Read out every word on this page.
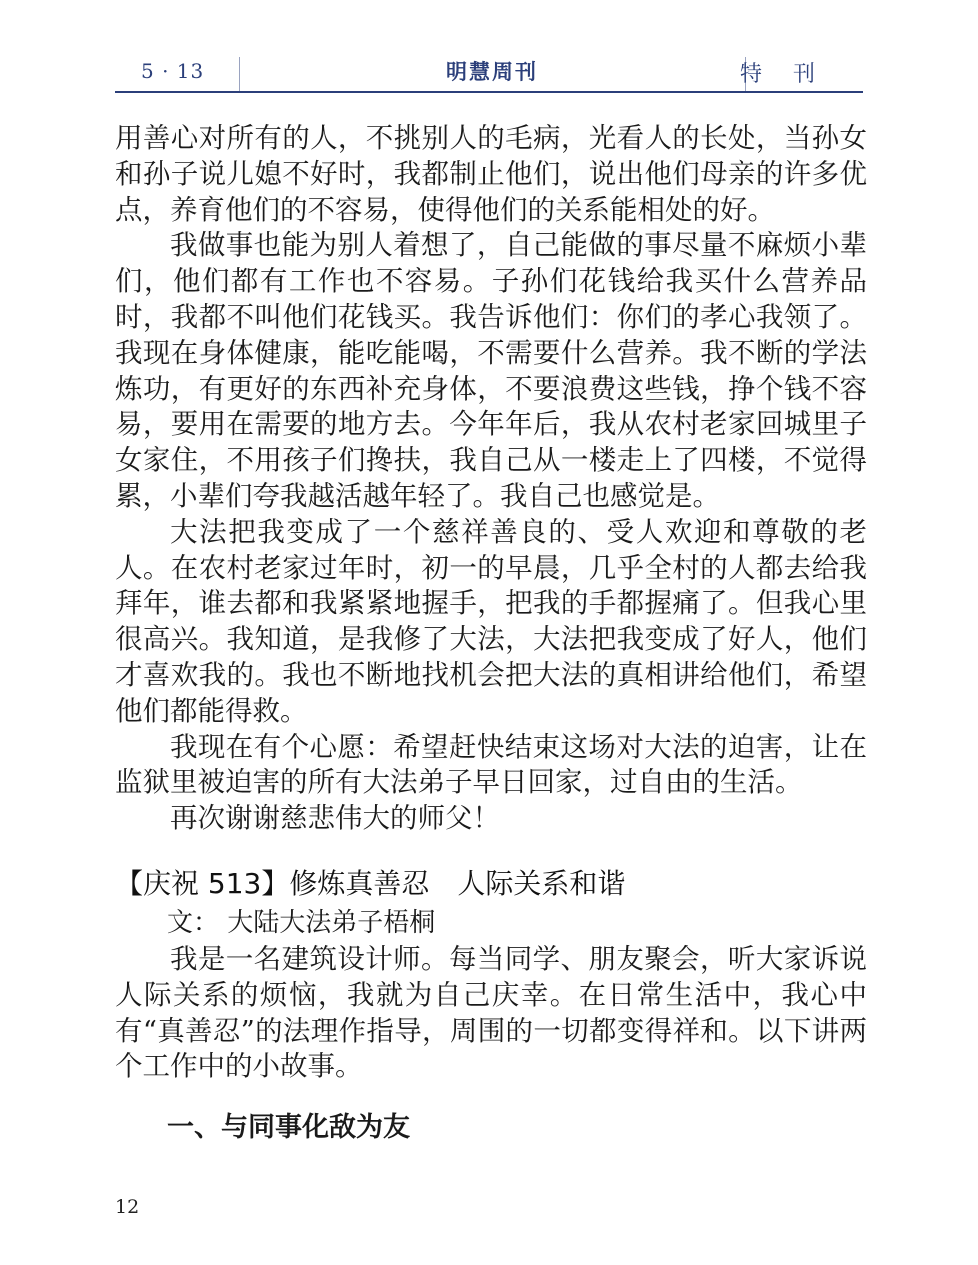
5 · 13	明慧周刊	特 刊

用善心对所有的人，不挑别人的毛病，光看人的长处，当孙女和孙子说儿媳不好时，我都制止他们，说出他们母亲的许多优点，养育他们的不容易，使得他们的关系能相处的好。

我做事也能为别人着想了，自己能做的事尽量不麻烦小辈们，他们都有工作也不容易。子孙们花钱给我买什么营养品时，我都不叫他们花钱买。我告诉他们：你们的孝心我领了。我现在身体健康，能吃能喝，不需要什么营养。我不断的学法炼功，有更好的东西补充身体，不要浪费这些钱，挣个钱不容易，要用在需要的地方去。今年年后，我从农村老家回城里子女家住，不用孩子们搀扶，我自己从一楼走上了四楼，不觉得累，小辈们夸我越活越年轻了。我自己也感觉是。

大法把我变成了一个慈祥善良的、受人欢迎和尊敬的老人。在农村老家过年时，初一的早晨，几乎全村的人都去给我拜年，谁去都和我紧紧地握手，把我的手都握痛了。但我心里很高兴。我知道，是我修了大法，大法把我变成了好人，他们才喜欢我的。我也不断地找机会把大法的真相讲给他们，希望他们都能得救。

我现在有个心愿：希望赶快结束这场对大法的迫害，让在监狱里被迫害的所有大法弟子早日回家，过自由的生活。

再次谢谢慈悲伟大的师父！

【庆祝 513】修炼真善忍　人际关系和谐

文： 大陆大法弟子梧桐

我是一名建筑设计师。每当同学、朋友聚会，听大家诉说人际关系的烦恼，我就为自己庆幸。在日常生活中，我心中有“真善忍”的法理作指导，周围的一切都变得祥和。以下讲两个工作中的小故事。

一、与同事化敌为友
12
